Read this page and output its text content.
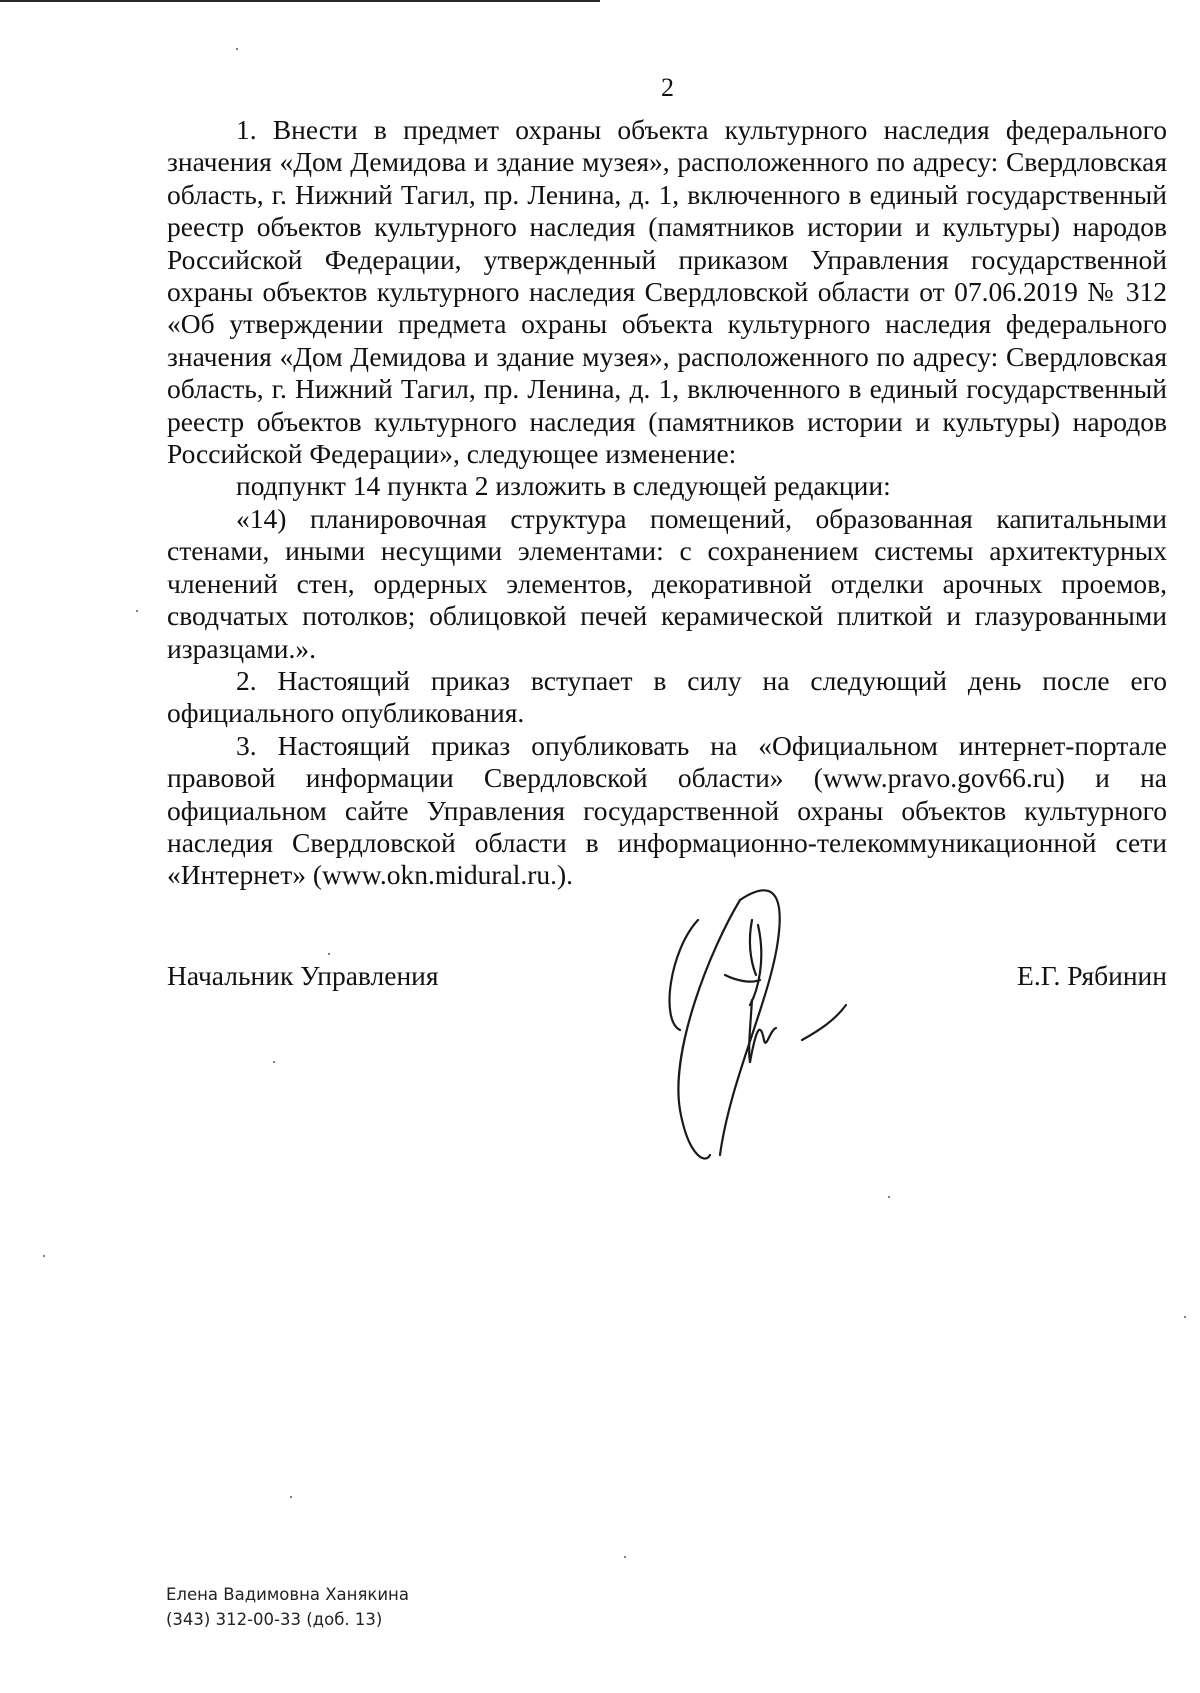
2

1. Внести в предмет охраны объекта культурного наследия федерального значения «Дом Демидова и здание музея», расположенного по адресу: Свердловская область, г. Нижний Тагил, пр. Ленина, д. 1, включенного в единый государственный реестр объектов культурного наследия (памятников истории и культуры) народов Российской Федерации, утвержденный приказом Управления государственной охраны объектов культурного наследия Свердловской области от 07.06.2019 № 312 «Об утверждении предмета охраны объекта культурного наследия федерального значения «Дом Демидова и здание музея», расположенного по адресу: Свердловская область, г. Нижний Тагил, пр. Ленина, д. 1, включенного в единый государственный реестр объектов культурного наследия (памятников истории и культуры) народов Российской Федерации», следующее изменение:

подпункт 14 пункта 2 изложить в следующей редакции:

«14) планировочная структура помещений, образованная капитальными стенами, иными несущими элементами: с сохранением системы архитектурных членений стен, ордерных элементов, декоративной отделки арочных проемов, сводчатых потолков; облицовкой печей керамической плиткой и глазурованными изразцами.».

2. Настоящий приказ вступает в силу на следующий день после его официального опубликования.

3. Настоящий приказ опубликовать на «Официальном интернет-портале правовой информации Свердловской области» (www.pravo.gov66.ru) и на официальном сайте Управления государственной охраны объектов культурного наследия Свердловской области в информационно-телекоммуникационной сети «Интернет» (www.okn.midural.ru.).

Начальник Управления	Е.Г. Рябинин
Елена Вадимовна Ханякина
(343) 312-00-33 (доб. 13)
